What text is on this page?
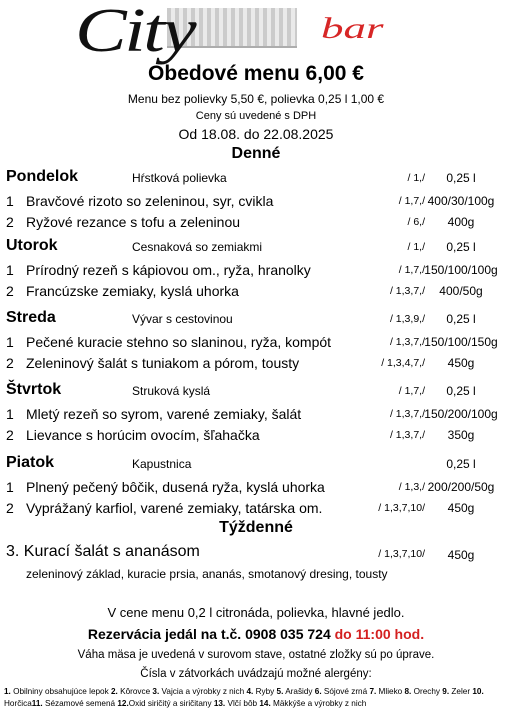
City	bar
Obedové menu 6,00 €
Menu bez polievky 5,50 €, polievka 0,25 l 1,00 €
Ceny sú uvedené s DPH
Od 18.08. do 22.08.2025
Denné
Pondelok	Hŕstková polievka	/ 1,/	0,25 l
1 Bravčové rizoto so zeleninou, syr, cvikla	/ 1,7,/ 400/30/100g
2 Ryžové rezance s tofu a zeleninou	/ 6,/	400g
Utorok	Cesnaková so zemiakmi	/ 1,/	0,25 l
1 Prírodný rezeň s kápiovou om., ryža, hranolky	/ 1,7,/ 150/100/100g
2 Francúzske zemiaky, kyslá uhorka	/ 1,3,7,/	400/50g
Streda	Vývar s cestovinou	/ 1,3,9,/	0,25 l
1 Pečené kuracie stehno so slaninou, ryža, kompót	/ 1,3,7,/ 150/100/150g
2 Zeleninový šalát s tuniakom a pórom, tousty	/ 1,3,4,7,/	450g
Štvrtok	Struková kyslá	/ 1,7,/	0,25 l
1 Mletý rezeň so syrom, varené zemiaky, šalát	/ 1,3,7,/ 150/200/100g
2 Lievance s horúcim ovocím, šľahačka	/ 1,3,7,/	350g
Piatok	Kapustnica	0,25 l
1 Plnený pečený bôčik, dusená ryža, kyslá uhorka	/ 1,3,/ 200/200/50g
2 Vyprážaný karfiol, varené zemiaky, tatárska om.	/ 1,3,7,10/	450g
Týždenné
3. Kurací šalát s ananásom	/ 1,3,7,10/	450g
zeleninový základ, kuracie prsia, ananás, smotanový dresing, tousty
V cene menu 0,2 l citronáda, polievka, hlavné jedlo.
Rezervácia jedál na t.č. 0908 035 724 do 11:00 hod.
Váha mäsa je uvedená v surovom stave, ostatné zložky sú po úprave.
Čísla v zátvorkách uvádzajú možné alergény:
1. Obilniny obsahujúce lepok 2. Kôrovce 3. Vajcia a výrobky z nich 4. Ryby 5. Arašidy 6. Sójové zrná 7. Mlieko 8. Orechy 9. Zeler 10. Horčica11. Sézamové semená 12.Oxid siričitý a siričitany 13. Vlčí bôb 14. Mäkkýše a výrobky z nich
